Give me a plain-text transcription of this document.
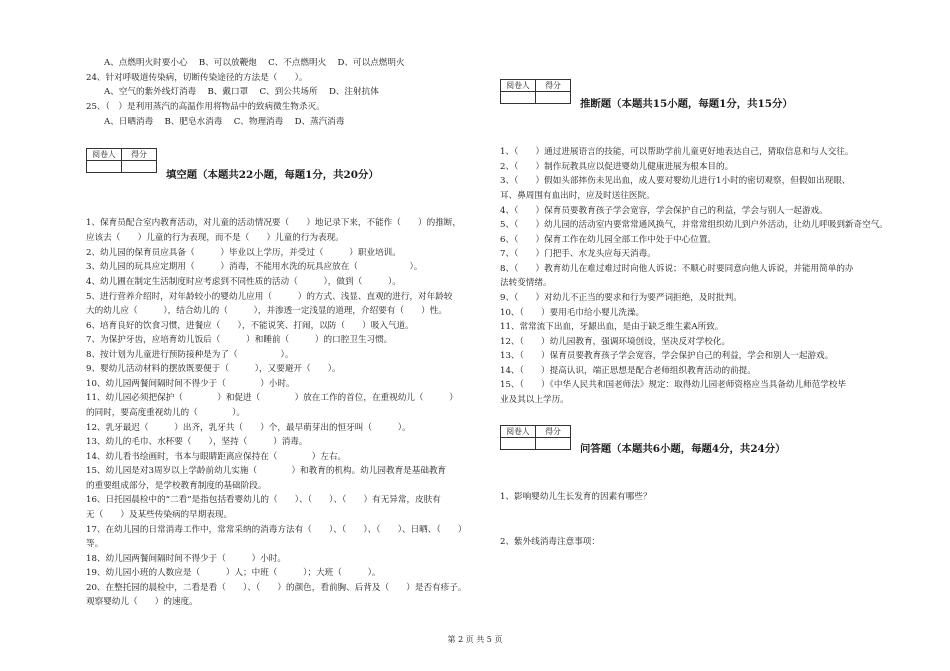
A、点燃明火时要小心　 B、可以放鞭炮　 C、不点燃明火　 D、可以点燃明火
24、针对呼吸道传染病，切断传染途径的方法是（　　）。
A、空气的紫外线灯消毒　 B、戴口罩　 C、到公共场所　 D、注射抗体
25、（　）是利用蒸汽的高温作用将物品中的致病微生物杀灭。
A、日晒消毒　 B、肥皂水消毒　 C、物理消毒　 D、蒸汽消毒
阅卷人	得分

填空题（本题共22小题，每题1分，共20分）
1、保育员配合室内教育活动，对儿童的活动情况要（　　）地记录下来，不能作（　　）的推断，
应该去（　　）儿童的行为表现，而不是（　　）儿童的行为表现。
2、幼儿园的保育员应具备（　　　）毕业以上学历，并受过（　　　）职业培训。
3、幼儿园的玩具应定期用（　　　）消毒，不能用水洗的玩具应放在（　　　　　　）。
4、幼儿圃在制定生活制度时应考虑到不同性质的活动（　　　），做到（　　　）。
5、进行营养介绍时，对年龄较小的婴幼儿应用（　　　）的方式、浅显、直观的进行，对年龄较
大的幼儿应（　　　），结合幼儿的（　　　），并渗透一定浅显的道理，介绍要有（　　）性。
6、培育良好的饮食习惯，进餐应（　　），不能说笑、打闹，以防（　　）吸入气道。
7、为保护牙齿，应培育幼儿饭后（　　　）和睡前（　　　）的口腔卫生习惯。
8、按计划为儿童进行预防接种是为了（　　　　　）。
9、婴幼儿活动材料的摆放既要便于（　　　），又要避开（　　）。
10、幼儿园两餐间隔时间不得少于（　　　　）小时。
11、幼儿园必须把保护（　　　　）和促进（　　　　）放在工作的首位，在重视幼儿（　　　）
的同时，要高度重视幼儿的（　　　　）。
12、乳牙最迟（　　　）出齐，乳牙共（　　）个，最早萌芽出的恒牙叫（　　　）。
13、幼儿的毛巾、水杯要（　　），坚持（　　　）消毒。
14、幼儿看书绘画时，书本与眼睛距离应保持在（　　　　）左右。
15、幼儿园是对3周岁以上学龄前幼儿实施（　　　　）和教育的机构。幼儿园教育是基础教育
的重要组成部分，是学校教育制度的基础阶段。
16、日托园晨检中的“二看”是指包括看婴幼儿的（　　）、（　　）、（　　）有无异常，皮肤有
无（　　）及某些传染病的早期表现。
17、在幼儿园的日常消毒工作中，常常采纳的消毒方法有（　　）、（　　）、（　　）、日晒、（　　）
等。
18、幼儿园两餐间隔时间不得少于（　　　）小时。
19、幼儿园小班的人数应是（　　　）人；中班（　　　）；大班（　　　）。
20、在整托园的晨检中，二看是看（　　）、（　　）的颜色，看前胸、后背及（　　）是否有疹子。
观察婴幼儿（　　）的速度。
阅卷人	得分

推断题（本题共15小题，每题1分，共15分）
1、（　　）通过进展语言的技能，可以帮助学前儿童更好地表达自己，猜取信息和与人交往。
2、（　　）制作玩教具应以促进婴幼儿健康进展为根本目的。
3、（　　）假如头部摔伤未见出血，成人要对婴幼儿进行1小时的密切观察，但假如出现眼、
耳、鼻周围有血出时，应及时送往医院。
4、（　　）保育员要教育孩子学会宽容，学会保护自己的利益，学会与别人一起游戏。
5、（　　）幼儿园的活动室内要常常通风换气，并常常组织幼儿到户外活动，让幼儿呼吸到新奇空气。
6、（　　）保育工作在幼儿园全部工作中处于中心位置。
7、（　　）门把手、水龙头应每天消毒。
8、（　　）教育幼儿在难过难过时向他人诉说；不顺心时要同意向他人诉说，并能用简单的办
法转变情绪。
9、（　　）对幼儿不正当的要求和行为要严词拒绝，及时批判。
10、（　　）要用毛巾给小婴儿洗澡。
11、常常流下出血，牙龈出血，是由于缺乏维生素A所致。
12、（　　）幼儿园教育，强调环境创设，坚决反对学校化。
13、（　　）保育员要教育孩子学会宽容，学会保护自己的利益，学会和别人一起游戏。
14、（　　）提高认识，端正思想是配合老师组织教育活动的前提。
15、（　　）《中华人民共和国老师法》规定：取得幼儿园老师资格应当具备幼儿师范学校毕
业及其以上学历。
阅卷人	得分

问答题（本题共6小题，每题4分，共24分）
1、影响婴幼儿生长发育的因素有哪些？
2、紫外线消毒注意事项：
第 2 页 共 5 页
